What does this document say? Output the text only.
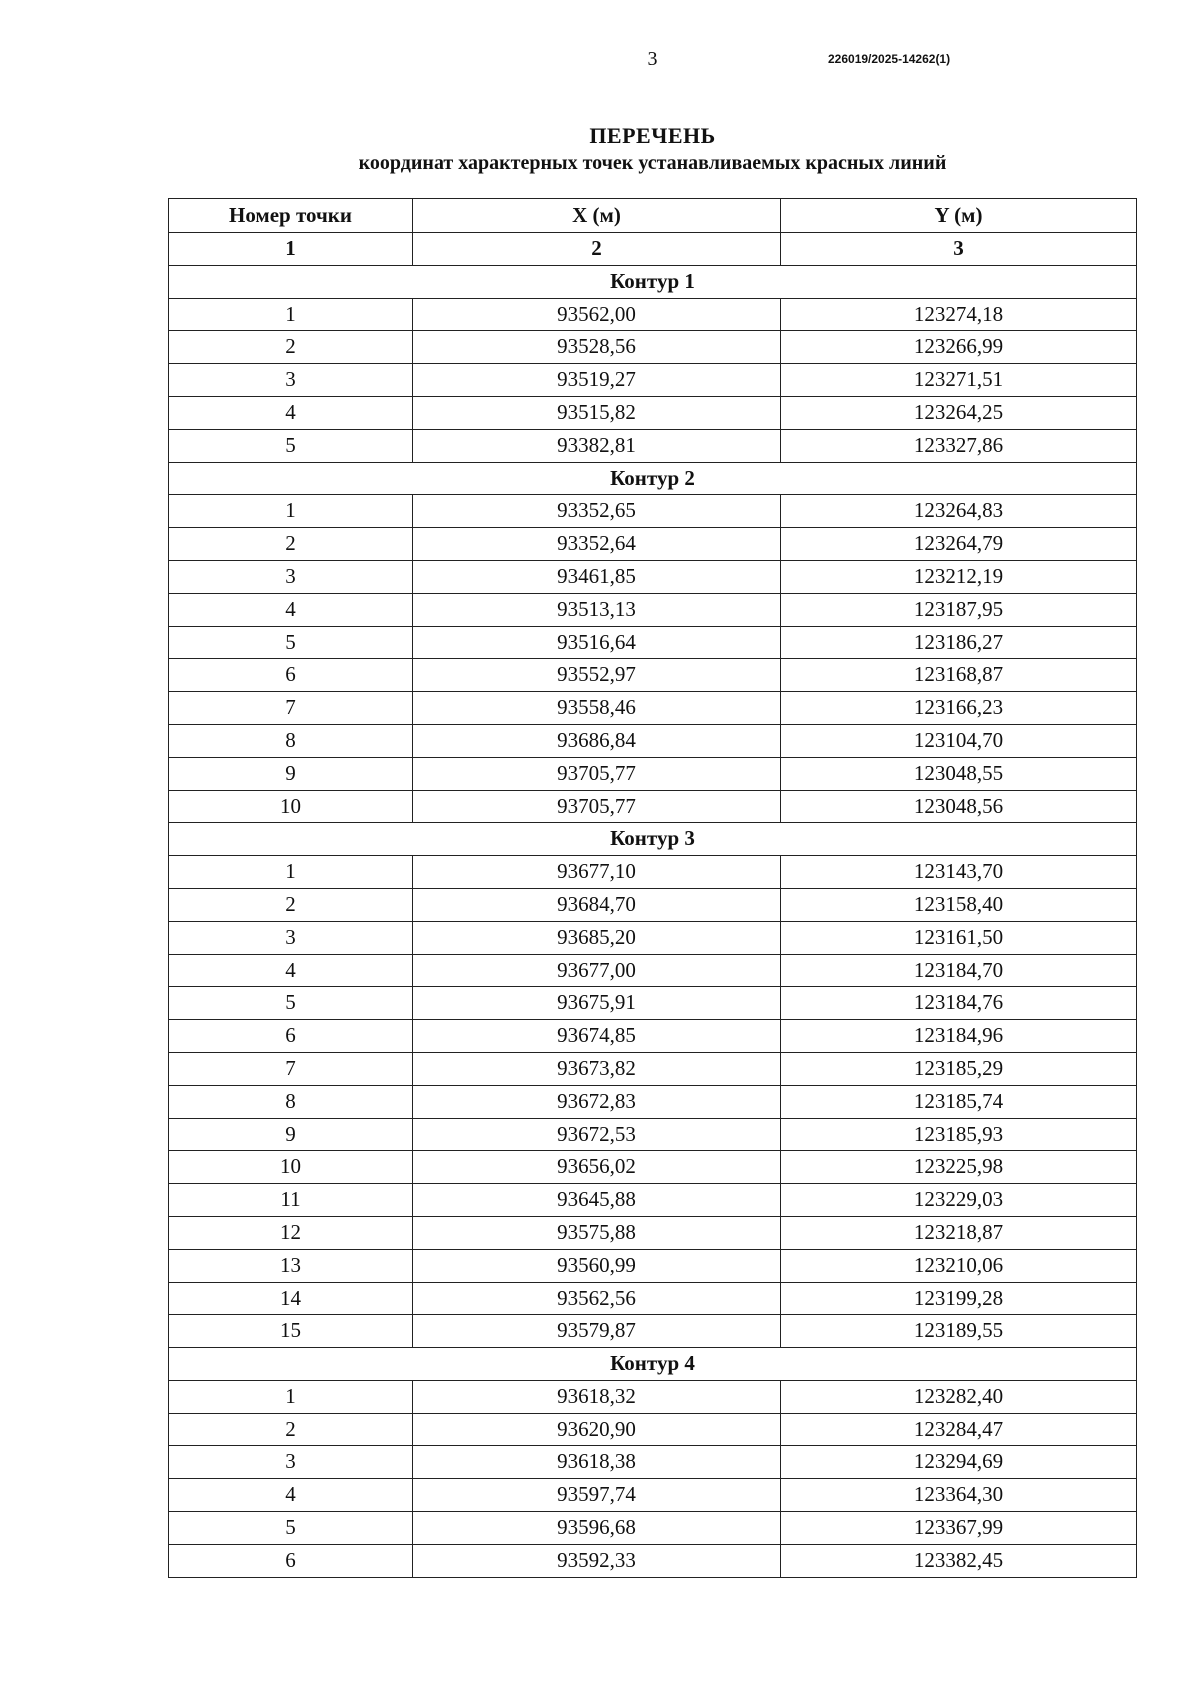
3	226019/2025-14262(1)
ПЕРЕЧЕНЬ
координат характерных точек устанавливаемых красных линий
Номер точки	X (м)	Y (м)
1	2	3
Контур 1		
1	93562,00	123274,18
2	93528,56	123266,99
3	93519,27	123271,51
4	93515,82	123264,25
5	93382,81	123327,86
Контур 2		
1	93352,65	123264,83
2	93352,64	123264,79
3	93461,85	123212,19
4	93513,13	123187,95
5	93516,64	123186,27
6	93552,97	123168,87
7	93558,46	123166,23
8	93686,84	123104,70
9	93705,77	123048,55
10	93705,77	123048,56
Контур 3		
1	93677,10	123143,70
2	93684,70	123158,40
3	93685,20	123161,50
4	93677,00	123184,70
5	93675,91	123184,76
6	93674,85	123184,96
7	93673,82	123185,29
8	93672,83	123185,74
9	93672,53	123185,93
10	93656,02	123225,98
11	93645,88	123229,03
12	93575,88	123218,87
13	93560,99	123210,06
14	93562,56	123199,28
15	93579,87	123189,55
Контур 4		
1	93618,32	123282,40
2	93620,90	123284,47
3	93618,38	123294,69
4	93597,74	123364,30
5	93596,68	123367,99
6	93592,33	123382,45
